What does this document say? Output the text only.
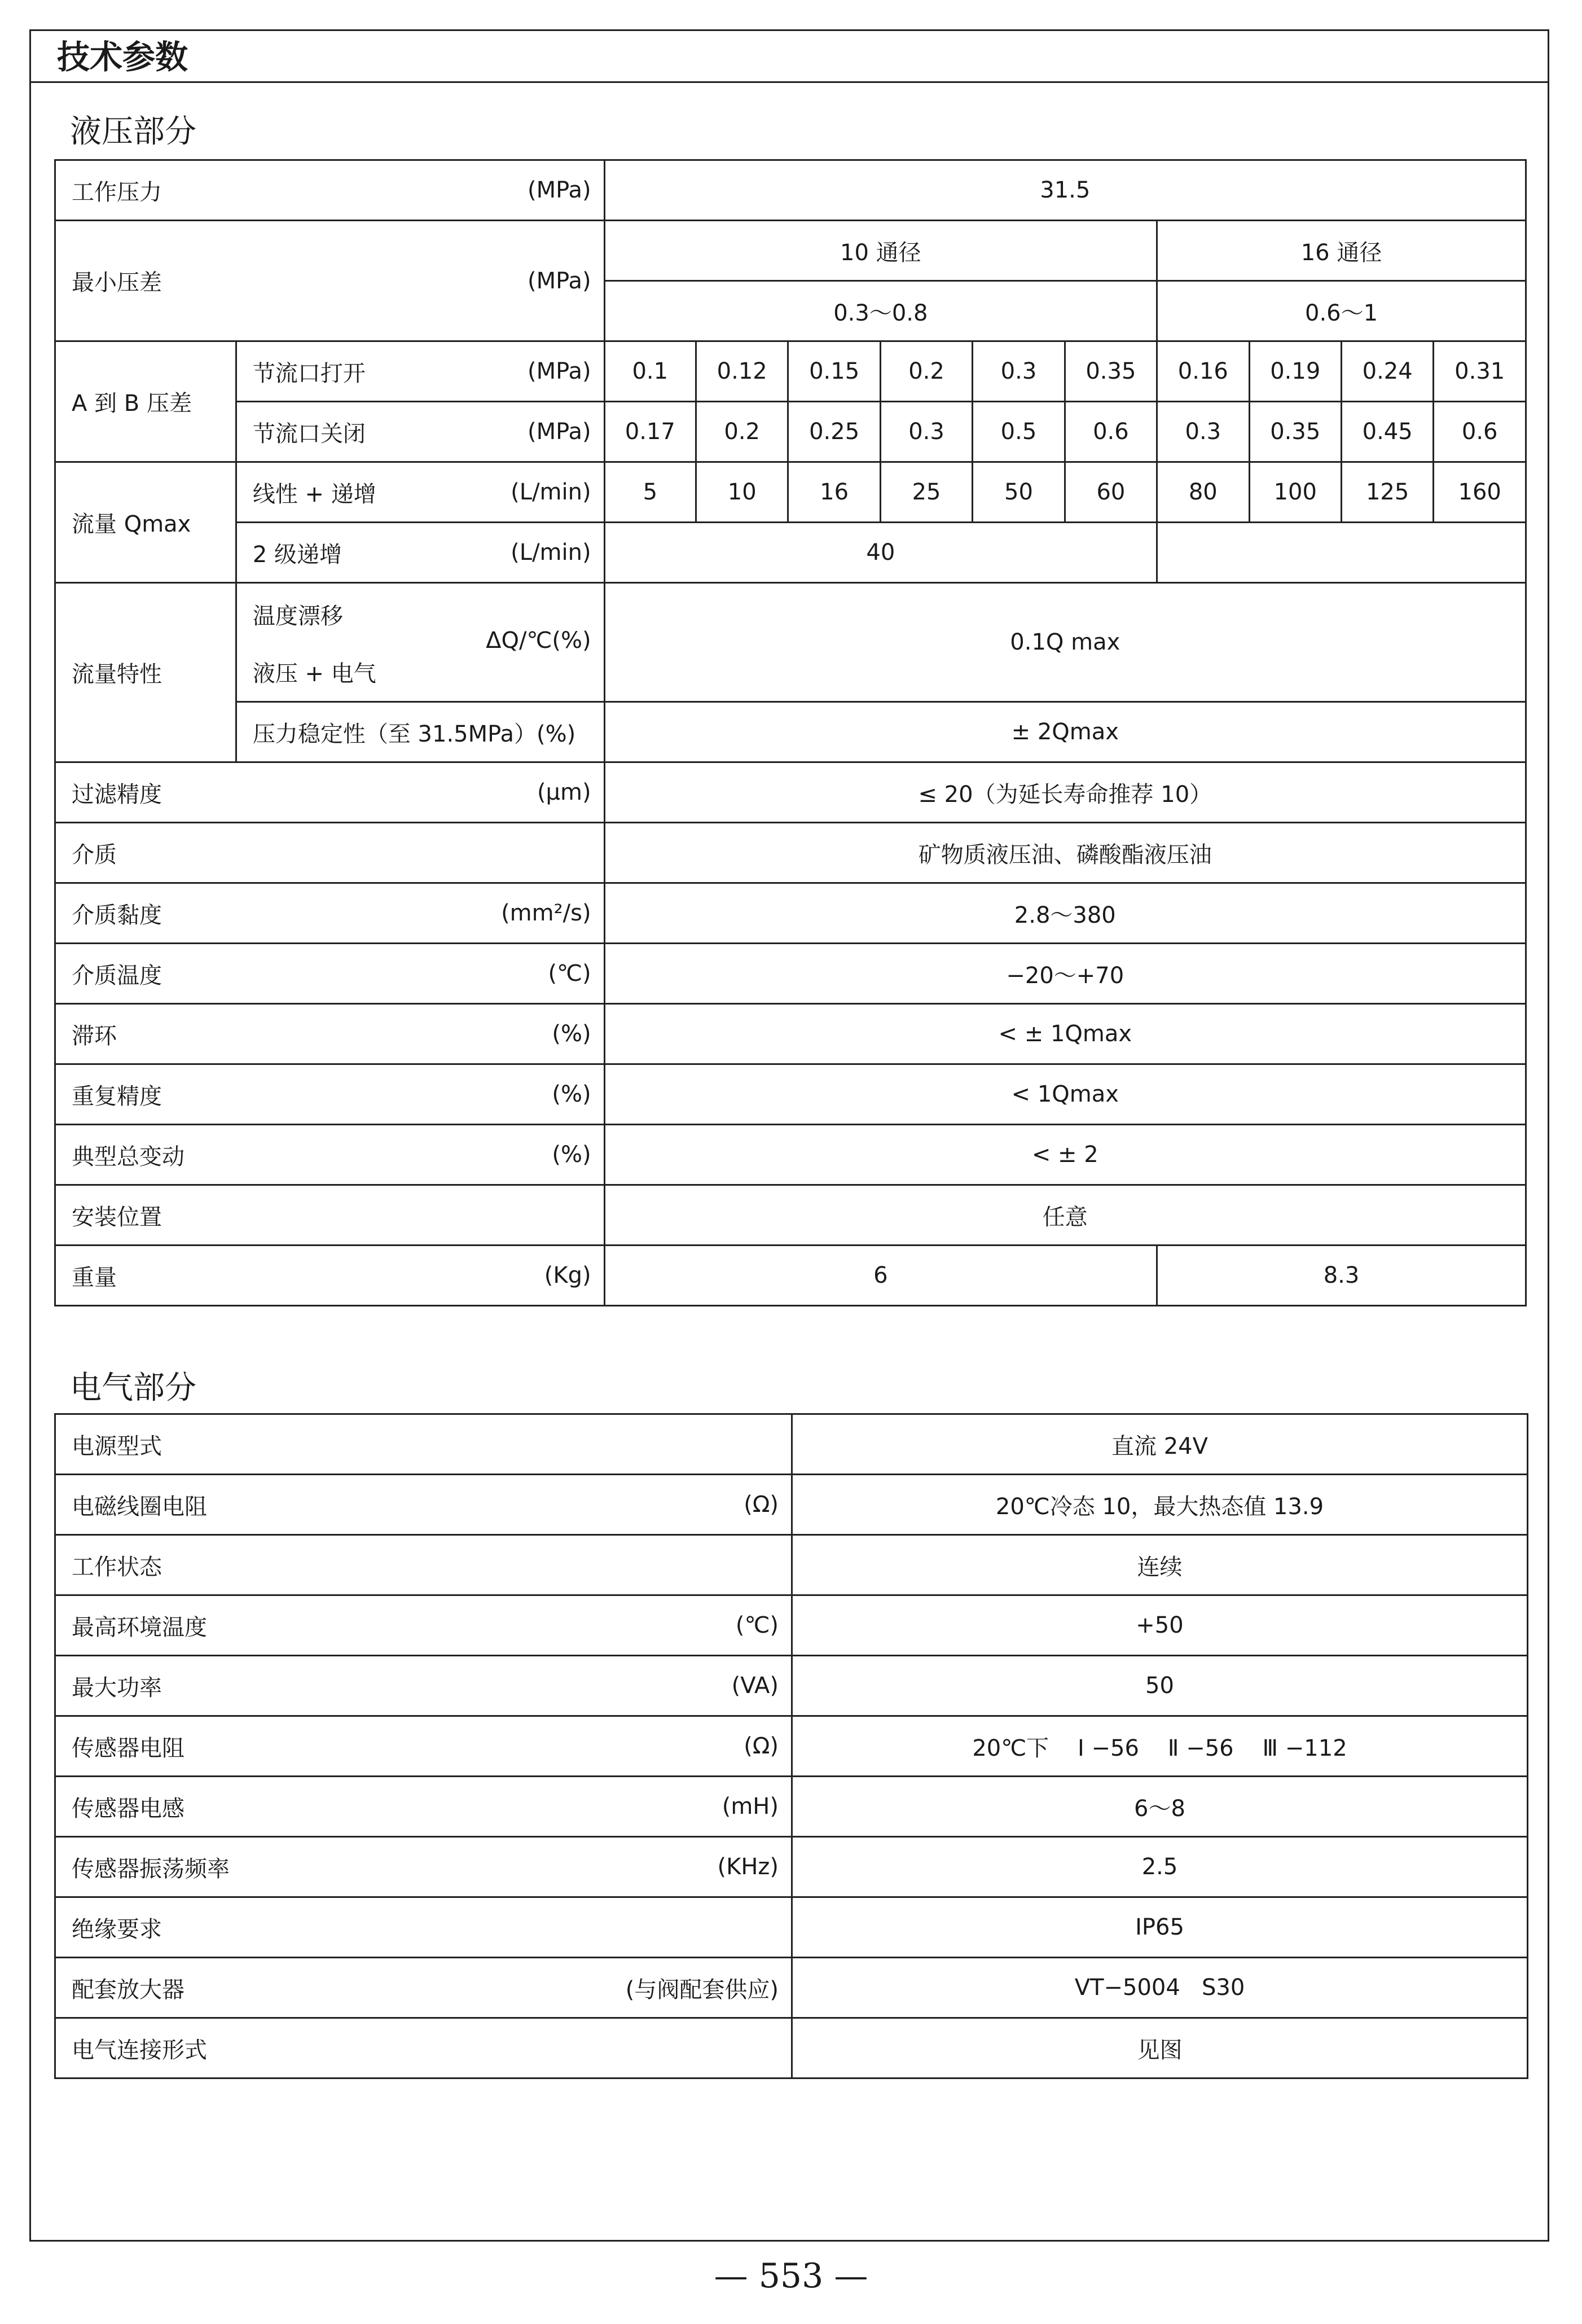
技术参数
液压部分
工作压力 (MPa)		31.5									

最小压差 (MPa)		10 通径						16 通径			
		0.3～0.8						0.6～1			

A 到 B 压差	节流口打开 (MPa)	0.1	0.12	0.15	0.2	0.3	0.35	0.16	0.19	0.24	0.31

	节流口关闭 (MPa)	0.17	0.2	0.25	0.3	0.5	0.6	0.3	0.35	0.45	0.6

流量 Qmax	线性 + 递增 (L/min)	5	10	16	25	50	60	80	100	125	160

	2 级递增 (L/min)	40									

流量特性	温度漂移
液压 + 电气
ΔQ/℃(%)	0.1Q max									

	压力稳定性（至 31.5MPa）(%)	± 2Qmax									

过滤精度 (μm)		≤ 20（为延长寿命推荐 10）									

介质		矿物质液压油、磷酸酯液压油									

介质黏度 (mm²/s)		2.8～380									

介质温度 (℃)		−20～+70									

滞环 (%)		< ± 1Qmax									

重复精度 (%)		< 1Qmax									

典型总变动 (%)		< ± 2									

安装位置		任意									

重量 (Kg)		6						8.3			
电气部分
电源型式	直流 24V

电磁线圈电阻 (Ω)	20℃冷态 10，最大热态值 13.9

工作状态	连续

最高环境温度 (℃)	+50

最大功率 (VA)	50

传感器电阻 (Ω)	20℃下    Ⅰ −56    Ⅱ −56    Ⅲ −112

传感器电感 (mH)	6～8

传感器振荡频率 (KHz)	2.5

绝缘要求	IP65

配套放大器 (与阀配套供应)	VT−5004   S30

电气连接形式	见图
— 553 —
